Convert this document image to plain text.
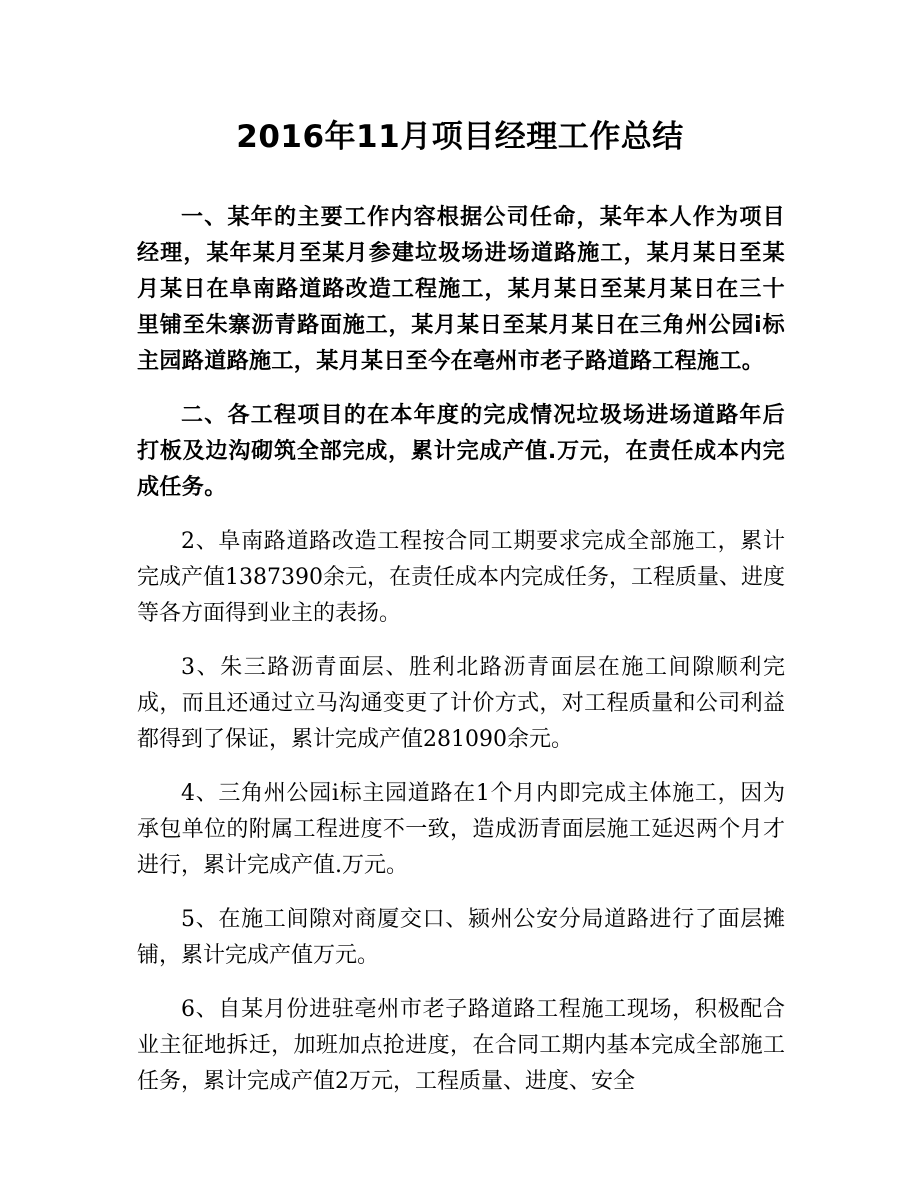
2016年11月项目经理工作总结

一、某年的主要工作内容根据公司任命，某年本人作为项目经理，某年某月至某月参建垃圾场进场道路施工，某月某日至某月某日在阜南路道路改造工程施工，某月某日至某月某日在三十里铺至朱寨沥青路面施工，某月某日至某月某日在三角州公园i标主园路道路施工，某月某日至今在亳州市老子路道路工程施工。

二、各工程项目的在本年度的完成情况垃圾场进场道路年后打板及边沟砌筑全部完成，累计完成产值.万元，在责任成本内完成任务。

2、阜南路道路改造工程按合同工期要求完成全部施工，累计完成产值1387390余元，在责任成本内完成任务，工程质量、进度等各方面得到业主的表扬。

3、朱三路沥青面层、胜利北路沥青面层在施工间隙顺利完成，而且还通过立马沟通变更了计价方式，对工程质量和公司利益都得到了保证，累计完成产值281090余元。

4、三角州公园i标主园道路在1个月内即完成主体施工，因为承包单位的附属工程进度不一致，造成沥青面层施工延迟两个月才进行，累计完成产值.万元。

5、在施工间隙对商厦交口、颍州公安分局道路进行了面层摊铺，累计完成产值万元。

6、自某月份进驻亳州市老子路道路工程施工现场，积极配合业主征地拆迁，加班加点抢进度，在合同工期内基本完成全部施工任务，累计完成产值2万元，工程质量、进度、安全
